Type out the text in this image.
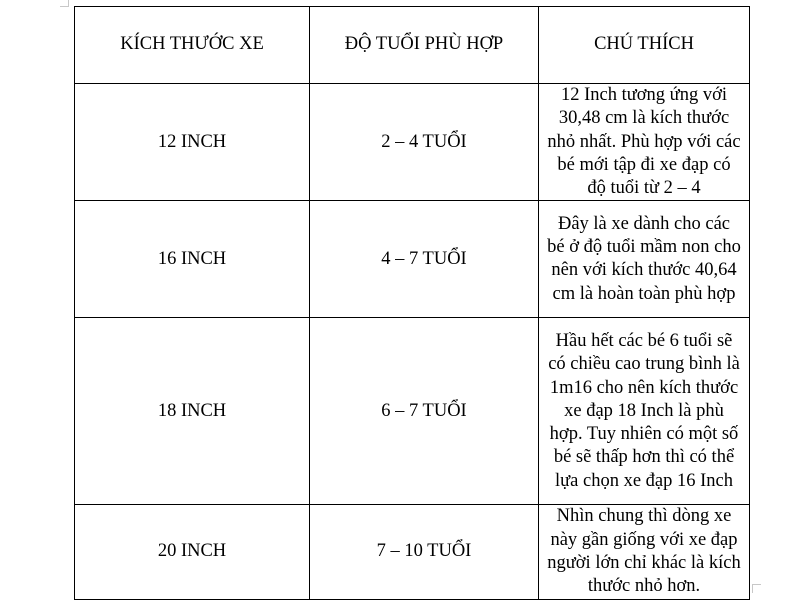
KÍCH THƯỚC XE	ĐỘ TUỔI PHÙ HỢP	CHÚ THÍCH
12 INCH	2 – 4 TUỔI	12 Inch tương ứng với 30,48 cm là kích thước nhỏ nhất. Phù hợp với các bé mới tập đi xe đạp có độ tuổi từ 2 – 4
16 INCH	4 – 7 TUỔI	Đây là xe dành cho các bé ở độ tuổi mầm non cho nên với kích thước 40,64 cm là hoàn toàn phù hợp
18 INCH	6 – 7 TUỔI	Hầu hết các bé 6 tuổi sẽ có chiều cao trung bình là 1m16 cho nên kích thước xe đạp 18 Inch là phù hợp. Tuy nhiên có một số bé sẽ thấp hơn thì có thể lựa chọn xe đạp 16 Inch
20 INCH	7 – 10 TUỔI	Nhìn chung thì dòng xe này gần giống với xe đạp người lớn chỉ khác là kích thước nhỏ hơn.
